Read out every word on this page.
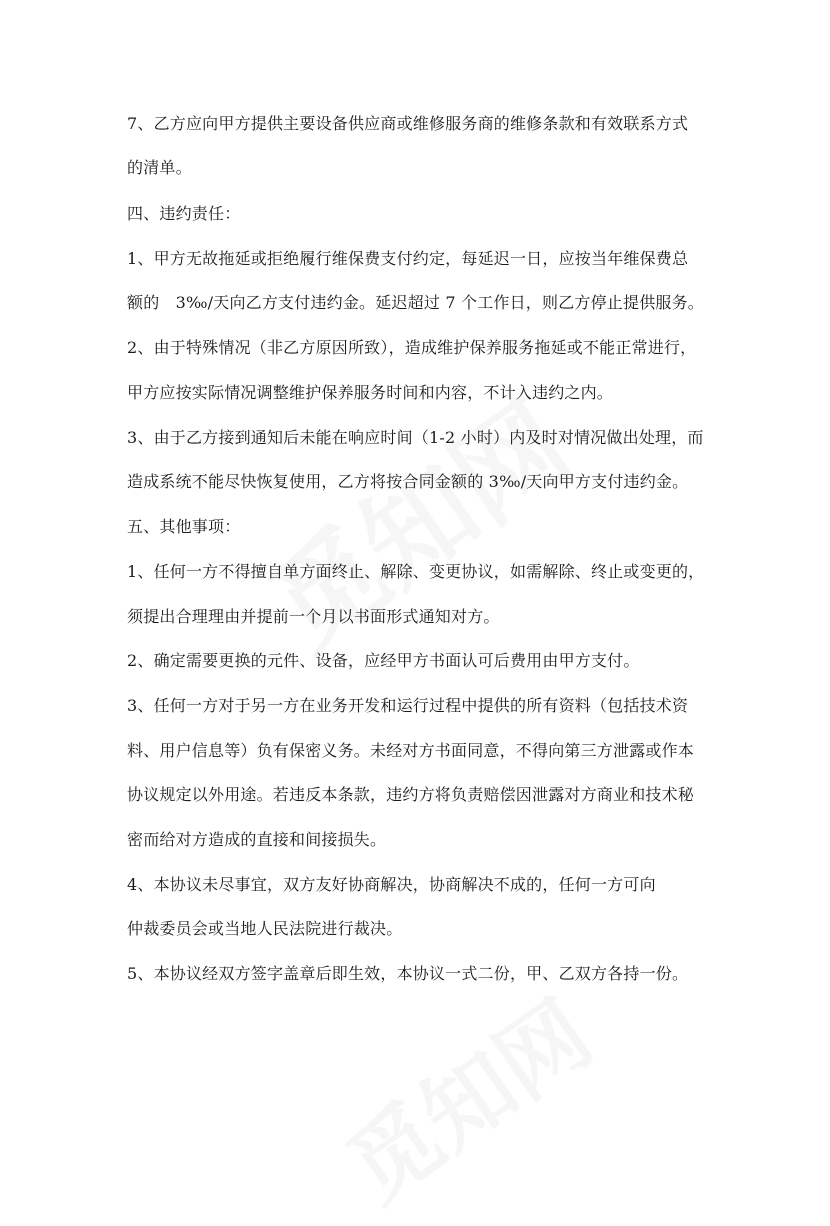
7、乙方应向甲方提供主要设备供应商或维修服务商的维修条款和有效联系方式
的清单。
四、违约责任：
1、甲方无故拖延或拒绝履行维保费支付约定，每延迟一日，应按当年维保费总
额的　3‰/天向乙方支付违约金。延迟超过 7 个工作日，则乙方停止提供服务。
2、由于特殊情况（非乙方原因所致），造成维护保养服务拖延或不能正常进行，
甲方应按实际情况调整维护保养服务时间和内容，不计入违约之内。
3、由于乙方接到通知后未能在响应时间（1-2 小时）内及时对情况做出处理，而
造成系统不能尽快恢复使用，乙方将按合同金额的 3‰/天向甲方支付违约金。
五、其他事项：
1、任何一方不得擅自单方面终止、解除、变更协议，如需解除、终止或变更的，
须提出合理理由并提前一个月以书面形式通知对方。
2、确定需要更换的元件、设备，应经甲方书面认可后费用由甲方支付。
3、任何一方对于另一方在业务开发和运行过程中提供的所有资料（包括技术资
料、用户信息等）负有保密义务。未经对方书面同意，不得向第三方泄露或作本
协议规定以外用途。若违反本条款，违约方将负责赔偿因泄露对方商业和技术秘
密而给对方造成的直接和间接损失。
4、本协议未尽事宜，双方友好协商解决，协商解决不成的，任何一方可向
仲裁委员会或当地人民法院进行裁决。
5、本协议经双方签字盖章后即生效，本协议一式二份，甲、乙双方各持一份。
